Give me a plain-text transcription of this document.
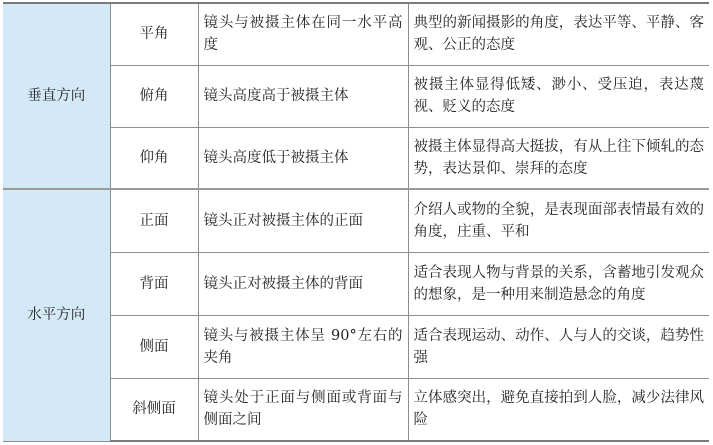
垂直方向	平角	镜头与被摄主体在同一水平高度	典型的新闻摄影的角度，表达平等、平静、客观、公正的态度
	俯角	镜头高度高于被摄主体	被摄主体显得低矮、渺小、受压迫，表达蔑视、贬义的态度
	仰角	镜头高度低于被摄主体	被摄主体显得高大挺拔，有从上往下倾轧的态势，表达景仰、崇拜的态度
水平方向	正面	镜头正对被摄主体的正面	介绍人或物的全貌，是表现面部表情最有效的角度，庄重、平和
	背面	镜头正对被摄主体的背面	适合表现人物与背景的关系，含蓄地引发观众的想象，是一种用来制造悬念的角度
	侧面	镜头与被摄主体呈 90°左右的夹角	适合表现运动、动作、人与人的交谈，趋势性强
	斜侧面	镜头处于正面与侧面或背面与侧面之间	立体感突出，避免直接拍到人脸，减少法律风险
